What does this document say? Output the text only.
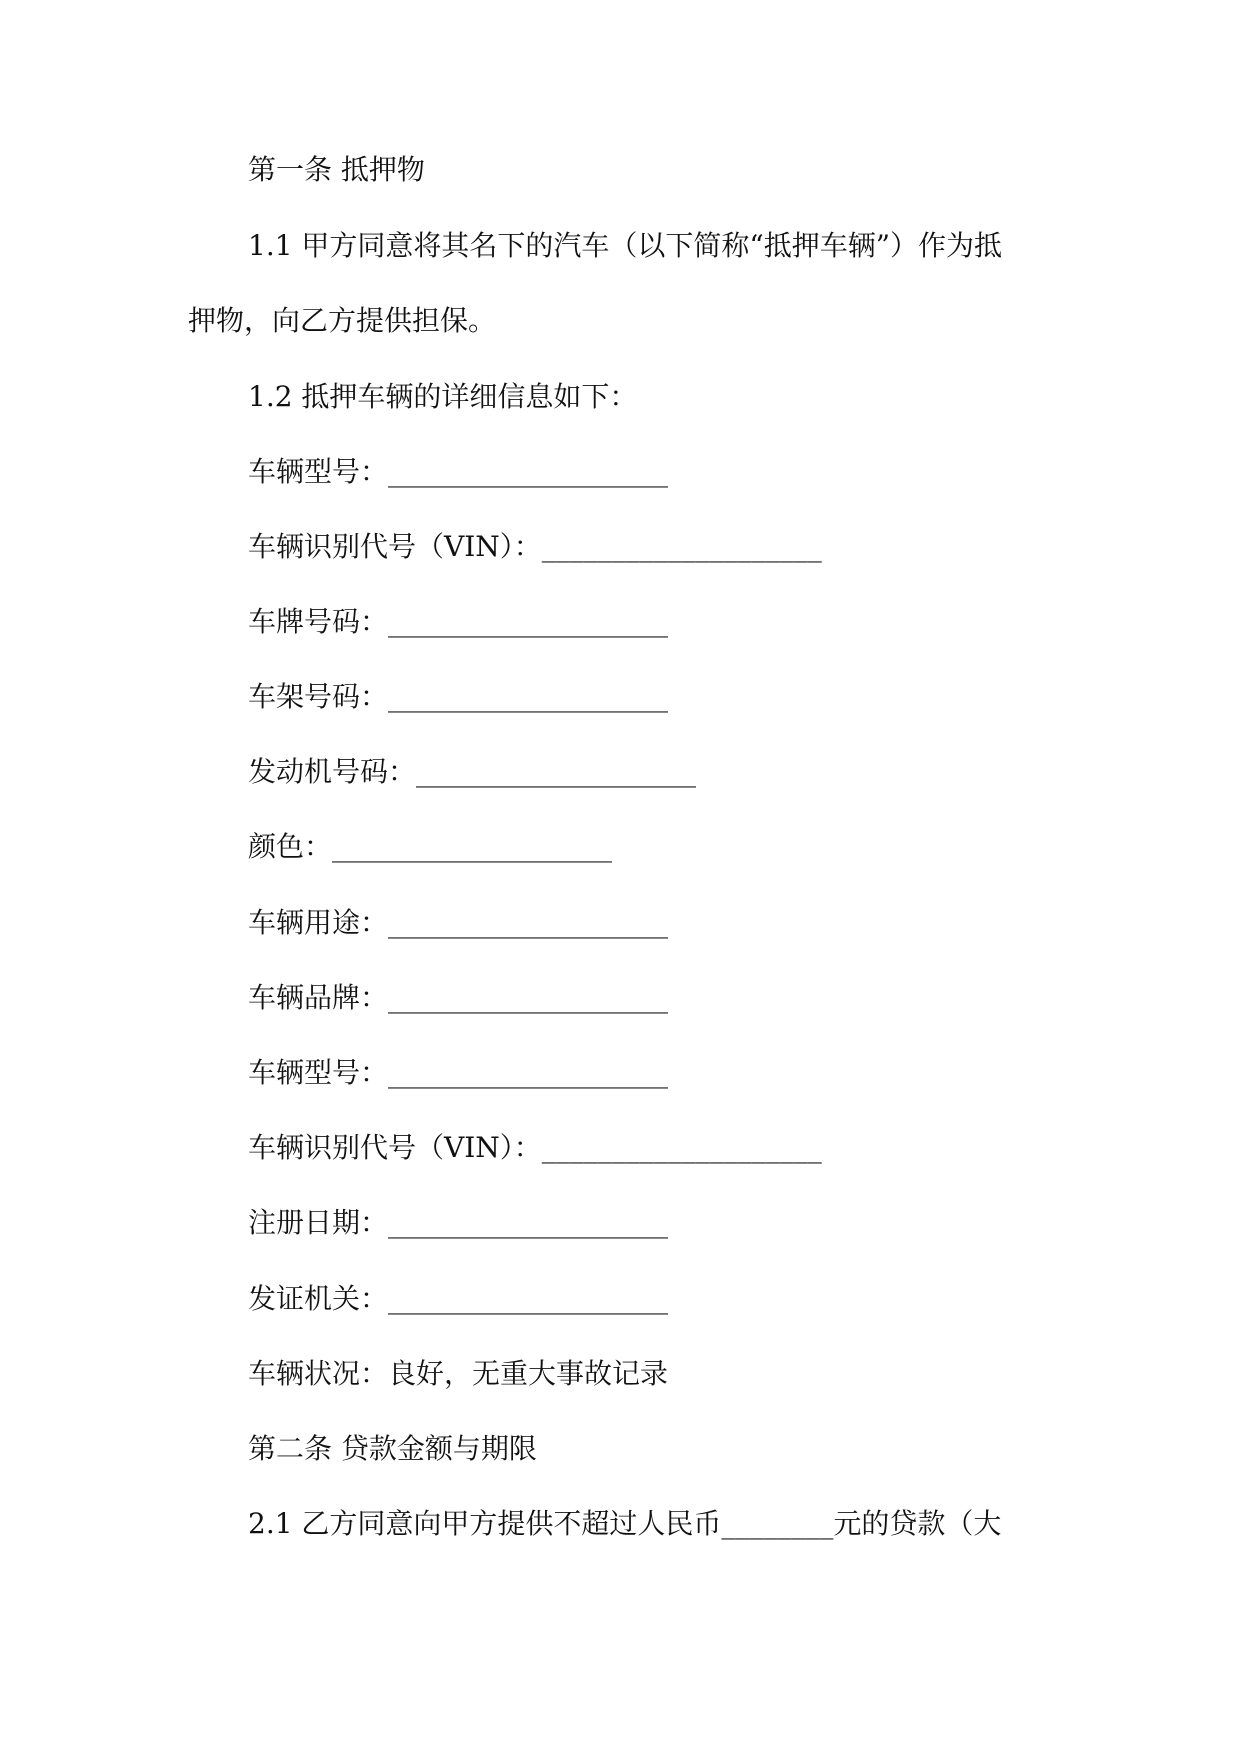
第一条 抵押物
1.1 甲方同意将其名下的汽车（以下简称“抵押车辆”）作为抵
押物，向乙方提供担保。
1.2 抵押车辆的详细信息如下：
车辆型号：____________________
车辆识别代号（VIN）：____________________
车牌号码：____________________
车架号码：____________________
发动机号码：____________________
颜色：____________________
车辆用途：____________________
车辆品牌：____________________
车辆型号：____________________
车辆识别代号（VIN）：____________________
注册日期：____________________
发证机关：____________________
车辆状况：良好，无重大事故记录
第二条 贷款金额与期限
2.1 乙方同意向甲方提供不超过人民币________元的贷款（大
